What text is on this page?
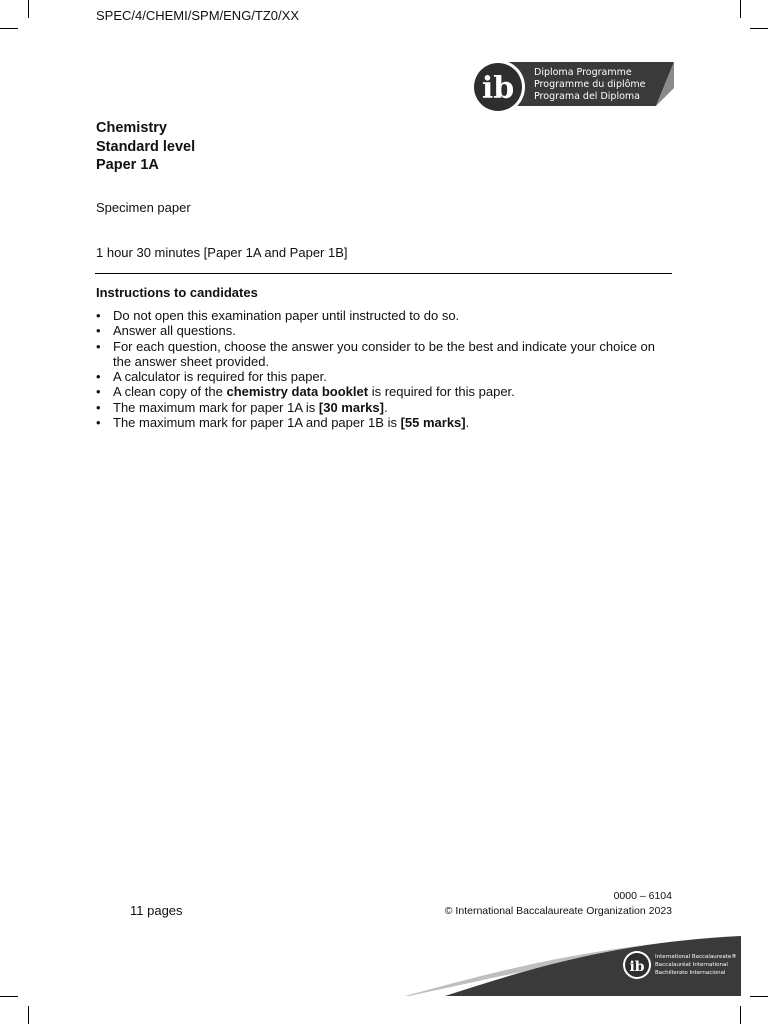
SPEC/4/CHEMI/SPM/ENG/TZ0/XX
ib Diploma Programme
Programme du diplôme
Programa del Diploma
Chemistry
Standard level
Paper 1A
Specimen paper
1 hour 30 minutes [Paper 1A and Paper 1B]
Instructions to candidates
• Do not open this examination paper until instructed to do so.
• Answer all questions.
• For each question, choose the answer you consider to be the best and indicate your choice on the answer sheet provided.
• A calculator is required for this paper.
• A clean copy of the chemistry data booklet is required for this paper.
• The maximum mark for paper 1A is [30 marks].
• The maximum mark for paper 1A and paper 1B is [55 marks].
11 pages
0000 – 6104
© International Baccalaureate Organization 2023
ib
International Baccalaureate®
Baccalauréat International
Bachillerato Internacional
